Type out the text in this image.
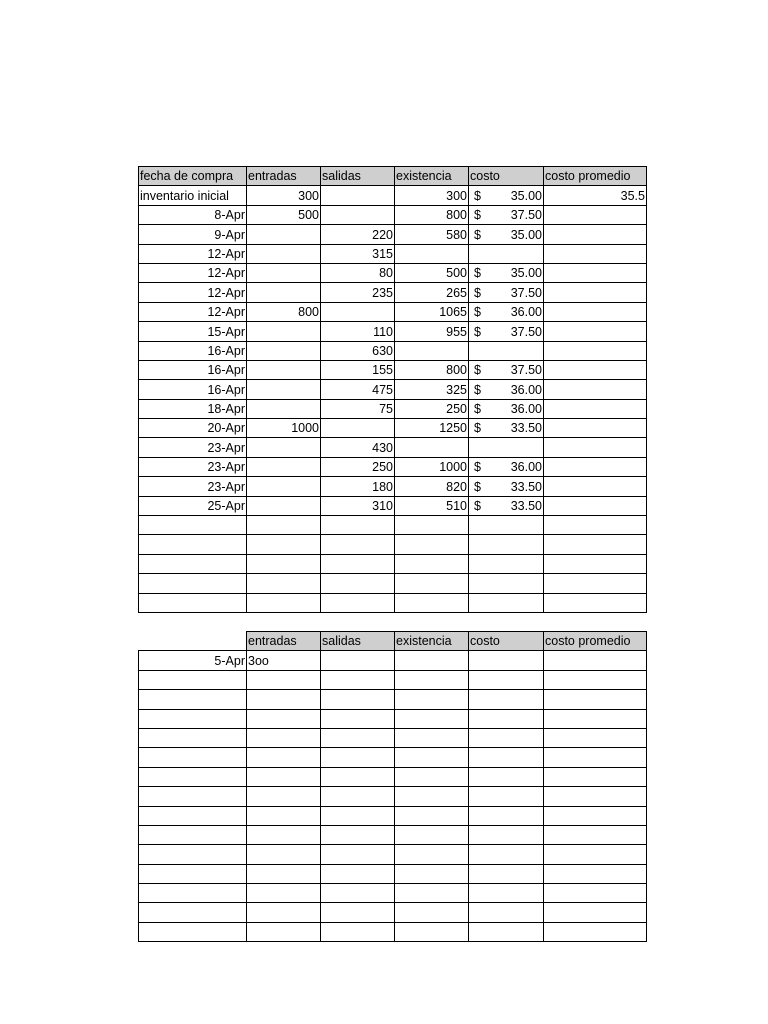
fecha de compra	entradas	salidas	existencia	costo	costo promedio
inventario inicial	300		300	$ 35.00	35.5
8-Apr	500		800	$ 37.50	

9-Apr		220	580	$ 35.00	

12-Apr		315			
12-Apr		80	500	$ 35.00	

12-Apr		235	265	$ 37.50	

12-Apr	800		1065	$ 36.00	

15-Apr		110	955	$ 37.50	

16-Apr		630			
16-Apr		155	800	$ 37.50	

16-Apr		475	325	$ 36.00	

18-Apr		75	250	$ 36.00	

20-Apr	1000		1250	$ 33.50	

23-Apr		430			
23-Apr		250	1000	$ 36.00	

23-Apr		180	820	$ 33.50	

25-Apr		310	510	$ 33.50	

	entradas	salidas	existencia	costo	costo promedio
5-Apr	3oo				
